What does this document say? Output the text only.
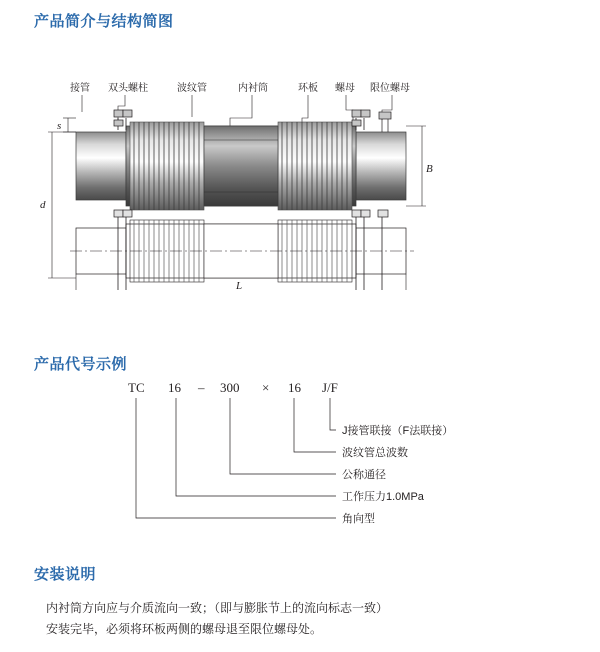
产品简介与结构简图
接管 双头螺柱	波纹管	内衬筒	环板 螺母 限位螺母
s
d
B
L
产品代号示例
TC 16 – 300 × 16 J/F
J接管联接（F法联接）
波纹管总波数
公称通径
工作压力1.0MPa
角向型
安装说明
内衬筒方向应与介质流向一致；（即与膨胀节上的流向标志一致）
安装完毕，必须将环板两侧的螺母退至限位螺母处。
